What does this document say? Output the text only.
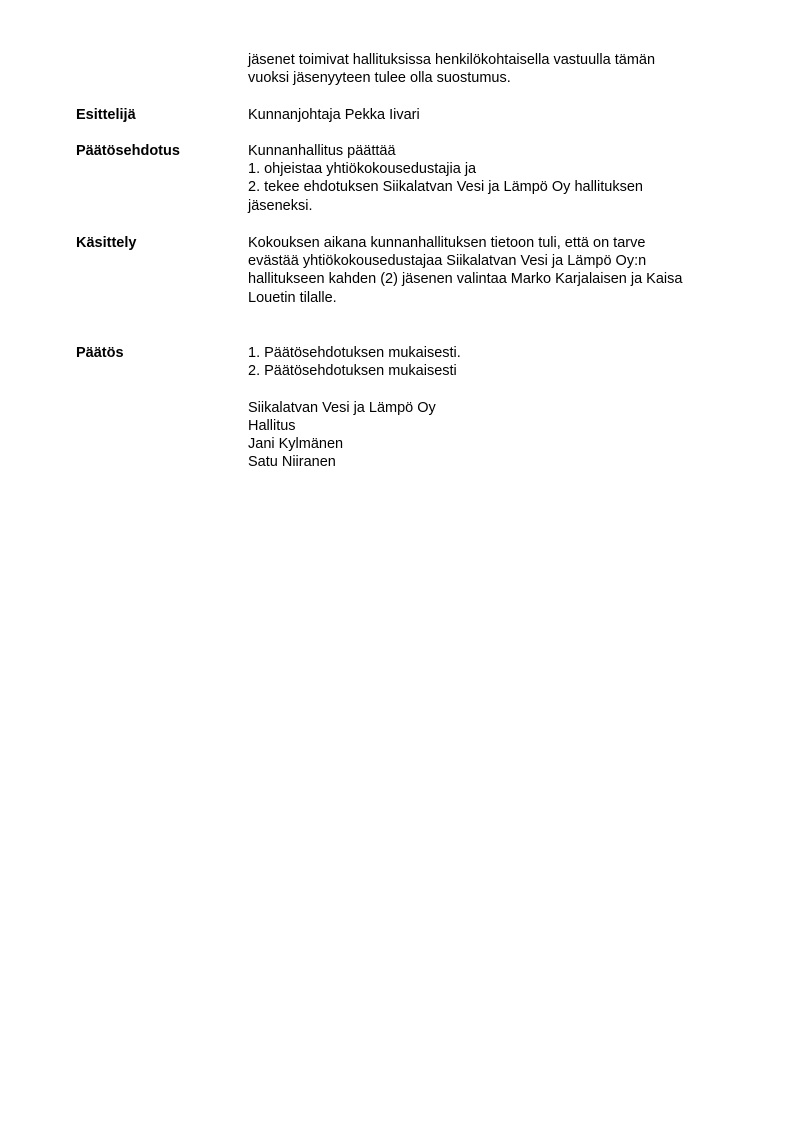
jäsenet toimivat hallituksissa henkilökohtaisella vastuulla tämän
vuoksi jäsenyyteen tulee olla suostumus.
Esittelijä	Kunnanjohtaja Pekka Iivari
Päätösehdotus	Kunnanhallitus päättää
1. ohjeistaa yhtiökokousedustajia ja
2. tekee ehdotuksen Siikalatvan Vesi ja Lämpö Oy hallituksen
jäseneksi.
Käsittely	Kokouksen aikana kunnanhallituksen tietoon tuli, että on tarve
evästää yhtiökokousedustajaa Siikalatvan Vesi ja Lämpö Oy:n
hallitukseen kahden (2) jäsenen valintaa Marko Karjalaisen ja Kaisa
Louetin tilalle.
Päätös	1. Päätösehdotuksen mukaisesti.
2. Päätösehdotuksen mukaisesti
Siikalatvan Vesi ja Lämpö Oy
Hallitus
Jani Kylmänen
Satu Niiranen
